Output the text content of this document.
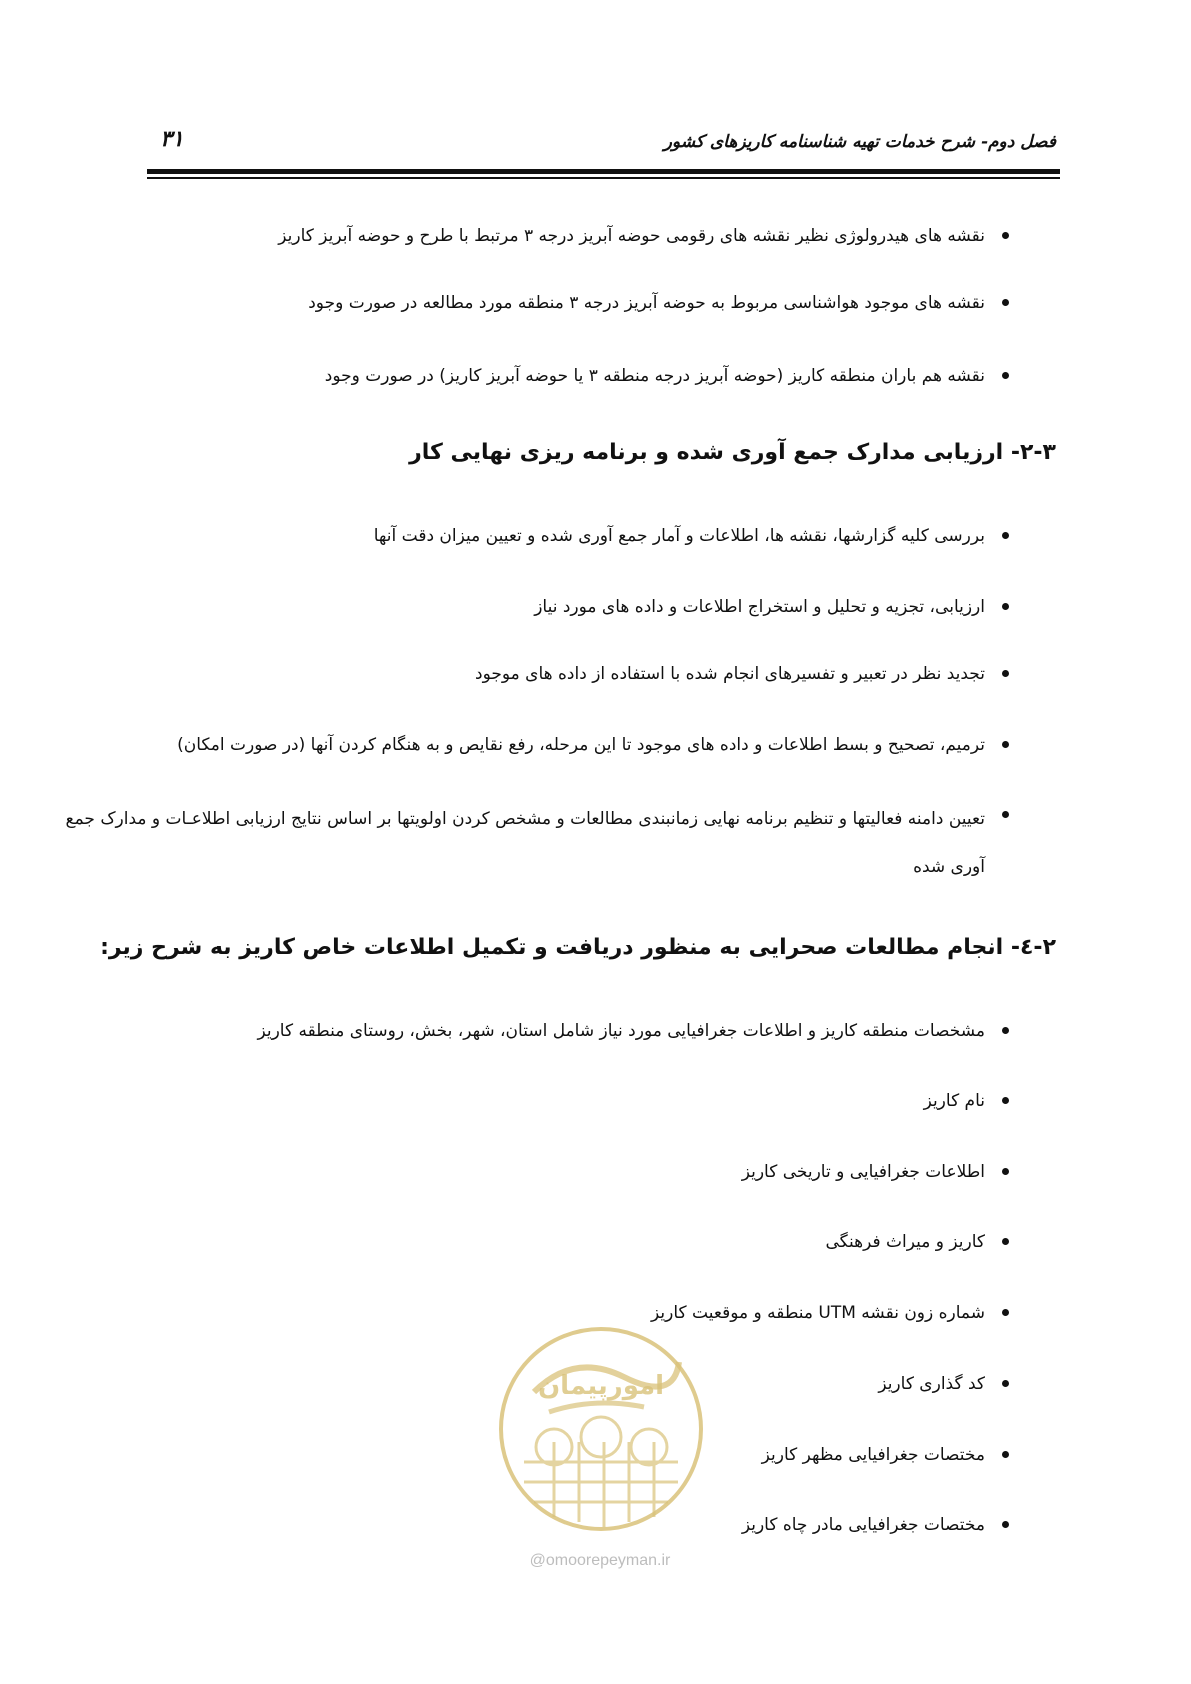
فصل دوم- شرح خدمات تهیه شناسنامه کاریزهای کشور
۳۱
نقشه های هیدرولوژی نظیر نقشه های رقومی حوضه آبریز درجه ۳ مرتبط با طرح و حوضه آبریز کاریز
نقشه های موجود هواشناسی مربوط به حوضه آبریز درجه ۳ منطقه مورد مطالعه در صورت وجود
نقشه هم باران منطقه کاریز (حوضه آبریز درجه منطقه ۳ یا حوضه آبریز کاریز) در صورت وجود
۲-۳- ارزیابی مدارک جمع آوری شده و برنامه ریزی نهایی کار
بررسی کلیه گزارشها، نقشه ها، اطلاعات و آمار جمع آوری شده و تعیین میزان دقت آنها
ارزیابی، تجزیه و تحلیل و استخراج اطلاعات و داده های مورد نیاز
تجدید نظر در تعبیر و تفسیرهای انجام شده با استفاده از داده های موجود
ترمیم، تصحیح و بسط اطلاعات و داده های موجود تا این مرحله، رفع نقایص و به هنگام کردن آنها (در صورت امکان)
تعیین دامنه فعالیتها و تنظیم برنامه نهایی زمانبندی مطالعات و مشخص کردن اولویتها بر اساس نتایج ارزیابی اطلاعـات و مدارک جمع آوری شده
۲-٤- انجام مطالعات صحرایی به منظور دریافت و تکمیل اطلاعات خاص کاریز به شرح زیر:
مشخصات منطقه کاریز و اطلاعات جغرافیایی مورد نیاز شامل استان، شهر، بخش، روستای منطقه کاریز
نام کاریز
اطلاعات جغرافیایی و تاریخی کاریز
کاریز و میراث فرهنگی
شماره زون نقشه UTM منطقه و موقعیت کاریز
کد گذاری کاریز
مختصات جغرافیایی مظهر کاریز
مختصات جغرافیایی مادر چاه کاریز
امورپیمان
@omoorepeyman.ir
